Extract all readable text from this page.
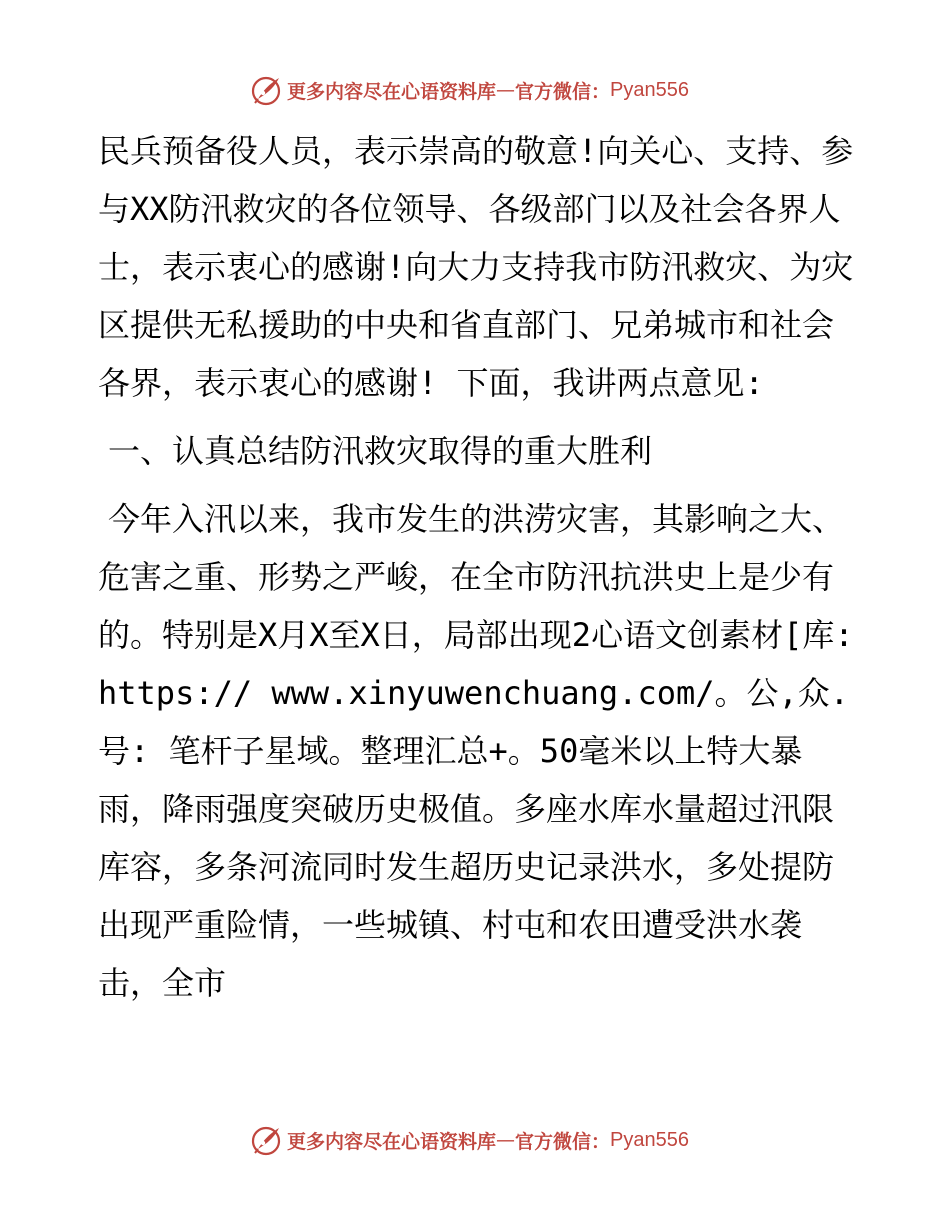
更多内容尽在心语资料库 — 官方微信： Pyan556

民兵预备役人员，表示崇高的敬意!向关心、支持、参与XX防汛救灾的各位领导、各级部门以及社会各界人士，表示衷心的感谢!向大力支持我市防汛救灾、为灾区提供无私援助的中央和省直部门、兄弟城市和社会各界，表示衷心的感谢! 下面，我讲两点意见:

一、认真总结防汛救灾取得的重大胜利

今年入汛以来，我市发生的洪涝灾害，其影响之大、危害之重、形势之严峻，在全市防汛抗洪史上是少有的。特别是X月X至X日，局部出现2心语文创素材[库: https:// www.xinyuwenchuang.com/。公,众.号: 笔杆子星域。整理汇总+。50毫米以上特大暴雨，降雨强度突破历史极值。多座水库水量超过汛限库容，多条河流同时发生超历史记录洪水，多处提防出现严重险情，一些城镇、村屯和农田遭受洪水袭击，全市

更多内容尽在心语资料库 — 官方微信： Pyan556
